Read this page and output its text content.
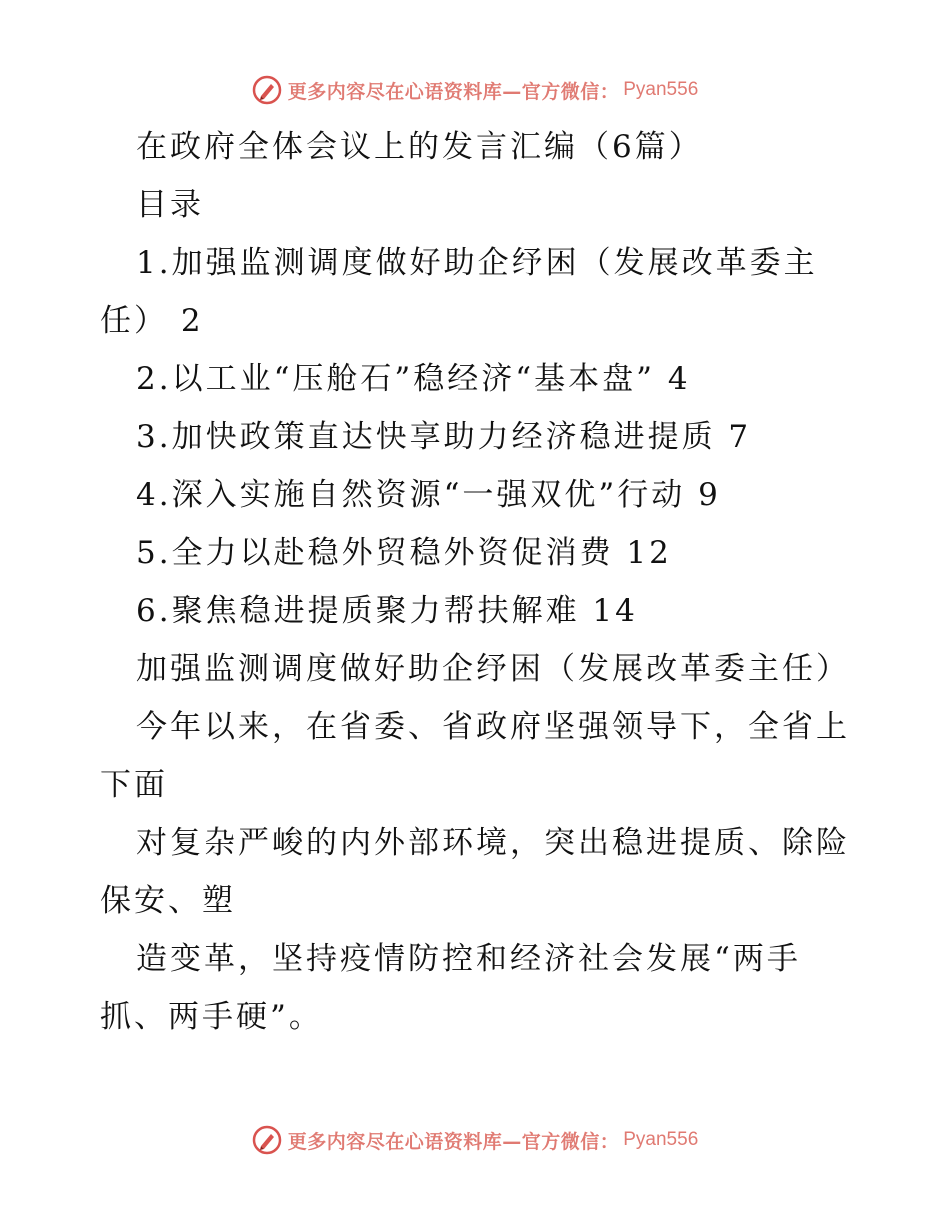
更多内容尽在心语资料库—官方微信： Pyan556

在政府全体会议上的发言汇编（6篇）

目录

1.加强监测调度做好助企纾困（发展改革委主

任） 2

2.以工业“压舱石”稳经济“基本盘” 4

3.加快政策直达快享助力经济稳进提质 7

4.深入实施自然资源“一强双优”行动 9

5.全力以赴稳外贸稳外资促消费 12

6.聚焦稳进提质聚力帮扶解难 14

加强监测调度做好助企纾困（发展改革委主任）

今年以来，在省委、省政府坚强领导下，全省上

下面

对复杂严峻的内外部环境，突出稳进提质、除险

保安、塑

造变革，坚持疫情防控和经济社会发展“两手

抓、两手硬”。

更多内容尽在心语资料库—官方微信： Pyan556
